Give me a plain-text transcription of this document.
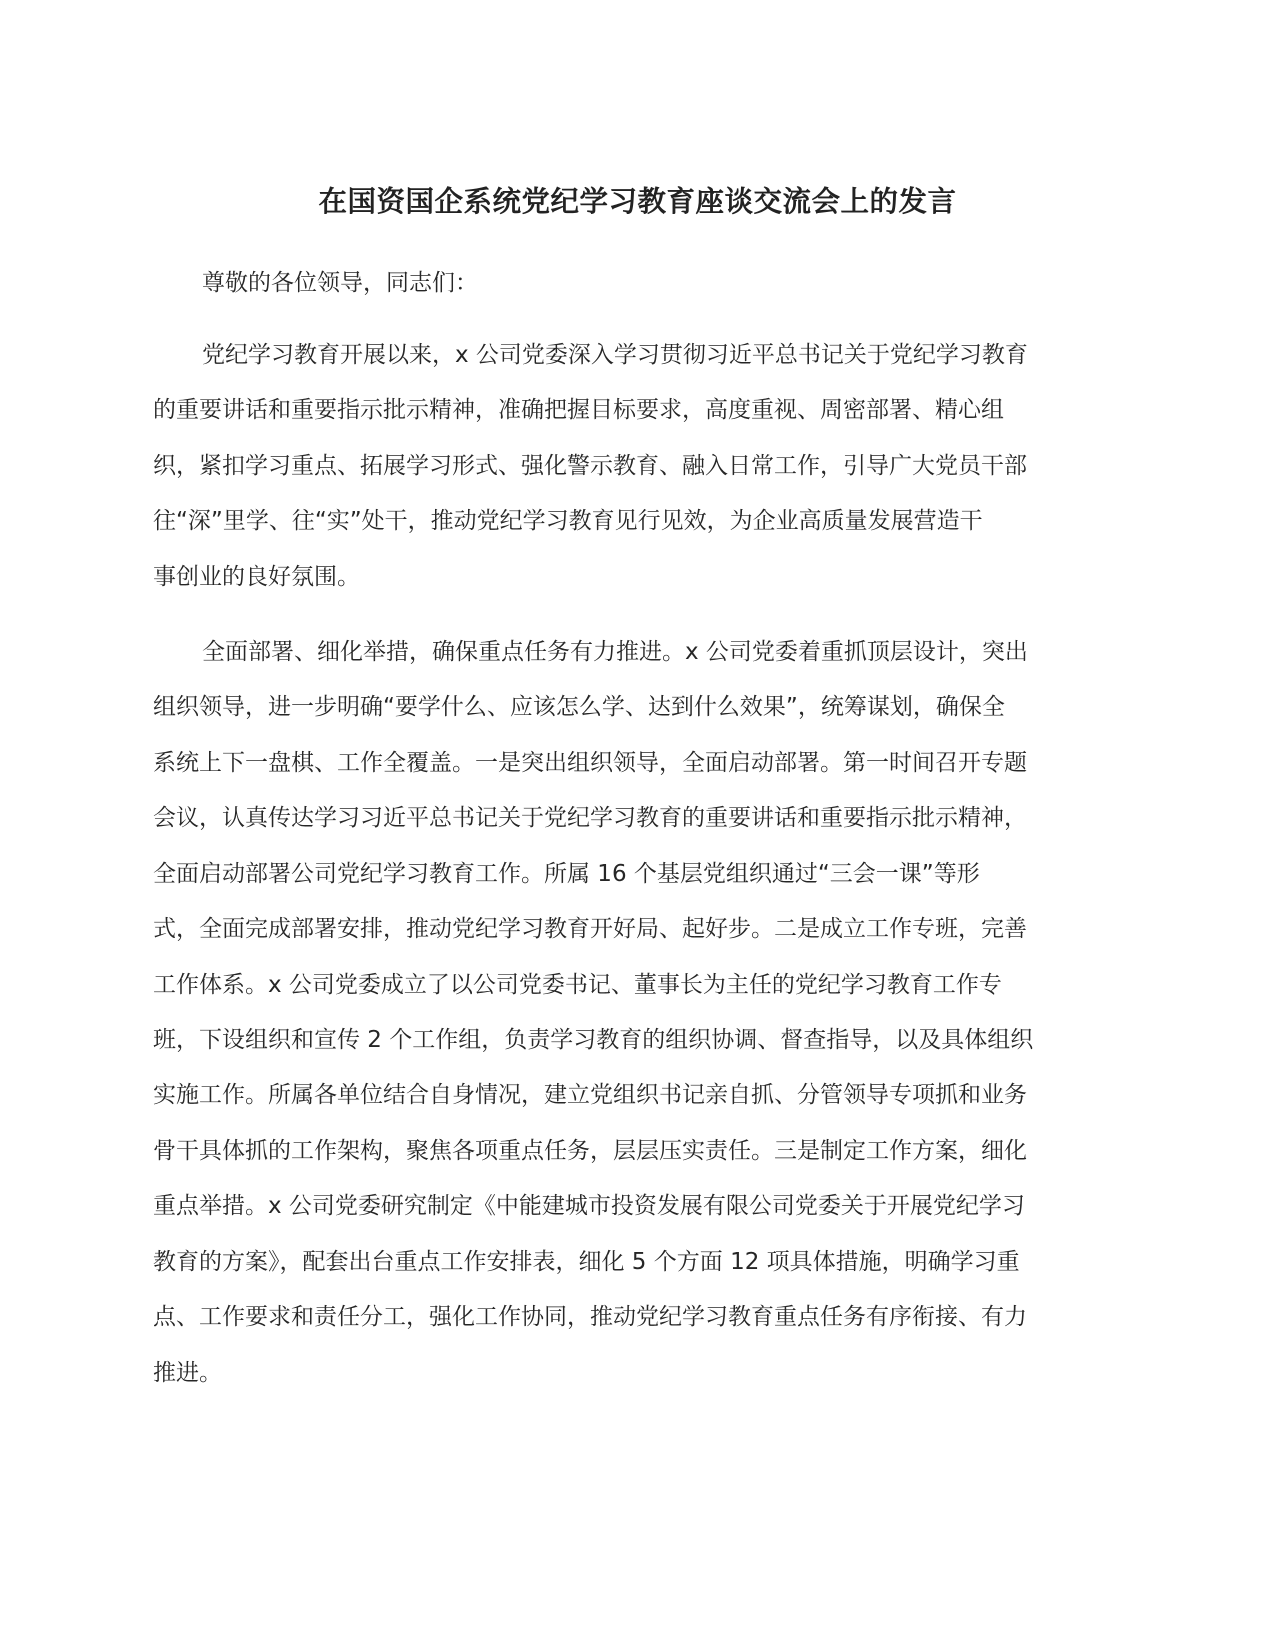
在国资国企系统党纪学习教育座谈交流会上的发言

尊敬的各位领导，同志们：

党纪学习教育开展以来，x 公司党委深入学习贯彻习近平总书记关于党纪学习教育

的重要讲话和重要指示批示精神，准确把握目标要求，高度重视、周密部署、精心组

织，紧扣学习重点、拓展学习形式、强化警示教育、融入日常工作，引导广大党员干部

往“深”里学、往“实”处干，推动党纪学习教育见行见效，为企业高质量发展营造干

事创业的良好氛围。

全面部署、细化举措，确保重点任务有力推进。x 公司党委着重抓顶层设计，突出

组织领导，进一步明确“要学什么、应该怎么学、达到什么效果”，统筹谋划，确保全

系统上下一盘棋、工作全覆盖。一是突出组织领导，全面启动部署。第一时间召开专题

会议，认真传达学习习近平总书记关于党纪学习教育的重要讲话和重要指示批示精神，

全面启动部署公司党纪学习教育工作。所属 16 个基层党组织通过“三会一课”等形

式，全面完成部署安排，推动党纪学习教育开好局、起好步。二是成立工作专班，完善

工作体系。x 公司党委成立了以公司党委书记、董事长为主任的党纪学习教育工作专

班，下设组织和宣传 2 个工作组，负责学习教育的组织协调、督查指导，以及具体组织

实施工作。所属各单位结合自身情况，建立党组织书记亲自抓、分管领导专项抓和业务

骨干具体抓的工作架构，聚焦各项重点任务，层层压实责任。三是制定工作方案，细化

重点举措。x 公司党委研究制定《中能建城市投资发展有限公司党委关于开展党纪学习

教育的方案》，配套出台重点工作安排表，细化 5 个方面 12 项具体措施，明确学习重

点、工作要求和责任分工，强化工作协同，推动党纪学习教育重点任务有序衔接、有力

推进。
